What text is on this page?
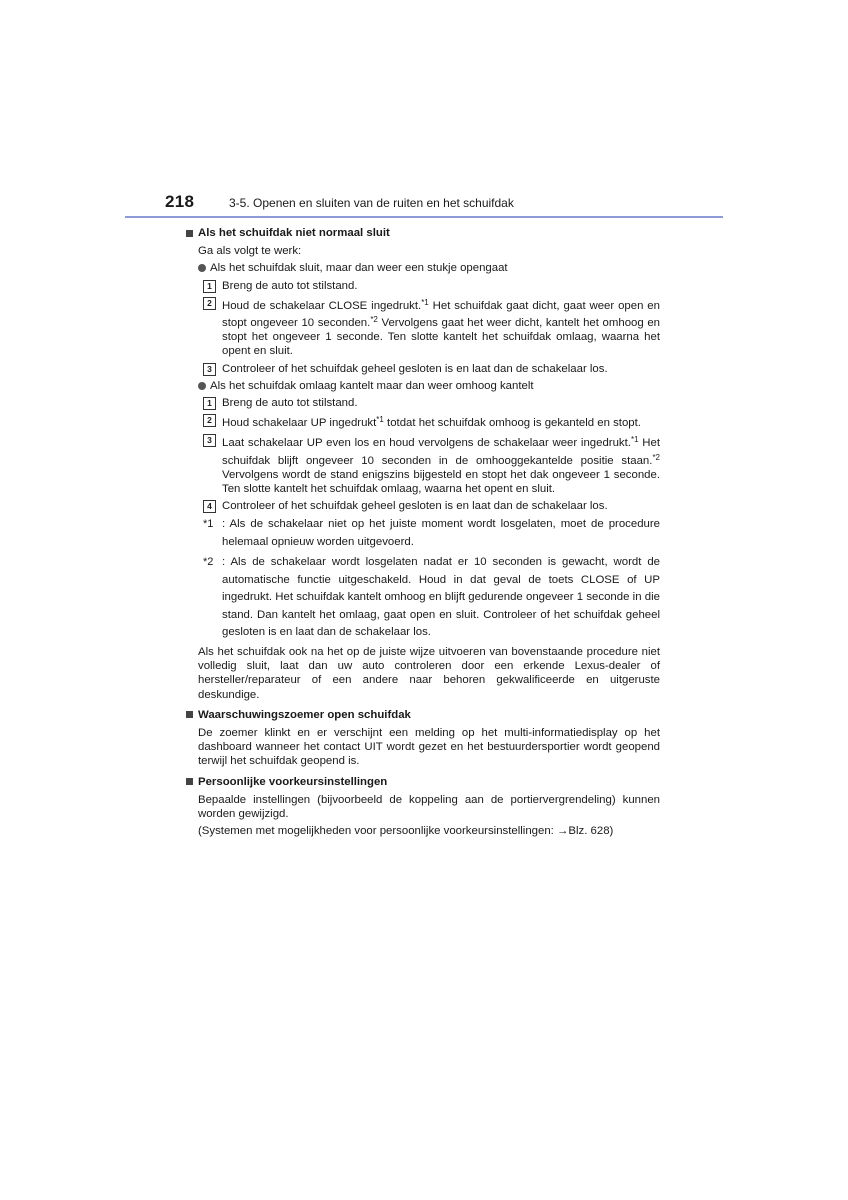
218	3-5. Openen en sluiten van de ruiten en het schuifdak
Als het schuifdak niet normaal sluit
Ga als volgt te werk:
Als het schuifdak sluit, maar dan weer een stukje opengaat
1 Breng de auto tot stilstand.
2 Houd de schakelaar CLOSE ingedrukt.$^{*1}$ Het schuifdak gaat dicht, gaat weer open en stopt ongeveer 10 seconden.$^{*2}$ Vervolgens gaat het weer dicht, kantelt het omhoog en stopt het ongeveer 1 seconde. Ten slotte kantelt het schuifdak omlaag, waarna het opent en sluit.
3 Controleer of het schuifdak geheel gesloten is en laat dan de schakelaar los.
Als het schuifdak omlaag kantelt maar dan weer omhoog kantelt
1 Breng de auto tot stilstand.
2 Houd schakelaar UP ingedrukt$^{*1}$ totdat het schuifdak omhoog is gekanteld en stopt.
3 Laat schakelaar UP even los en houd vervolgens de schakelaar weer ingedrukt.$^{*1}$ Het schuifdak blijft ongeveer 10 seconden in de omhooggekantelde positie staan.$^{*2}$ Vervolgens wordt de stand enigszins bijgesteld en stopt het dak ongeveer 1 seconde. Ten slotte kantelt het schuifdak omlaag, waarna het opent en sluit.
4 Controleer of het schuifdak geheel gesloten is en laat dan de schakelaar los.
*1 : Als de schakelaar niet op het juiste moment wordt losgelaten, moet de procedure helemaal opnieuw worden uitgevoerd.
*2 : Als de schakelaar wordt losgelaten nadat er 10 seconden is gewacht, wordt de automatische functie uitgeschakeld. Houd in dat geval de toets CLOSE of UP ingedrukt. Het schuifdak kantelt omhoog en blijft gedurende ongeveer 1 seconde in die stand. Dan kantelt het omlaag, gaat open en sluit. Controleer of het schuifdak geheel gesloten is en laat dan de schakelaar los.
Als het schuifdak ook na het op de juiste wijze uitvoeren van bovenstaande procedure niet volledig sluit, laat dan uw auto controleren door een erkende Lexus-dealer of hersteller/reparateur of een andere naar behoren gekwalificeerde en uitgeruste deskundige.
Waarschuwingszoemer open schuifdak
De zoemer klinkt en er verschijnt een melding op het multi-informatiedisplay op het dashboard wanneer het contact UIT wordt gezet en het bestuurdersportier wordt geopend terwijl het schuifdak geopend is.
Persoonlijke voorkeursinstellingen
Bepaalde instellingen (bijvoorbeeld de koppeling aan de portiervergrendeling) kunnen worden gewijzigd.
(Systemen met mogelijkheden voor persoonlijke voorkeursinstellingen: →Blz. 628)
